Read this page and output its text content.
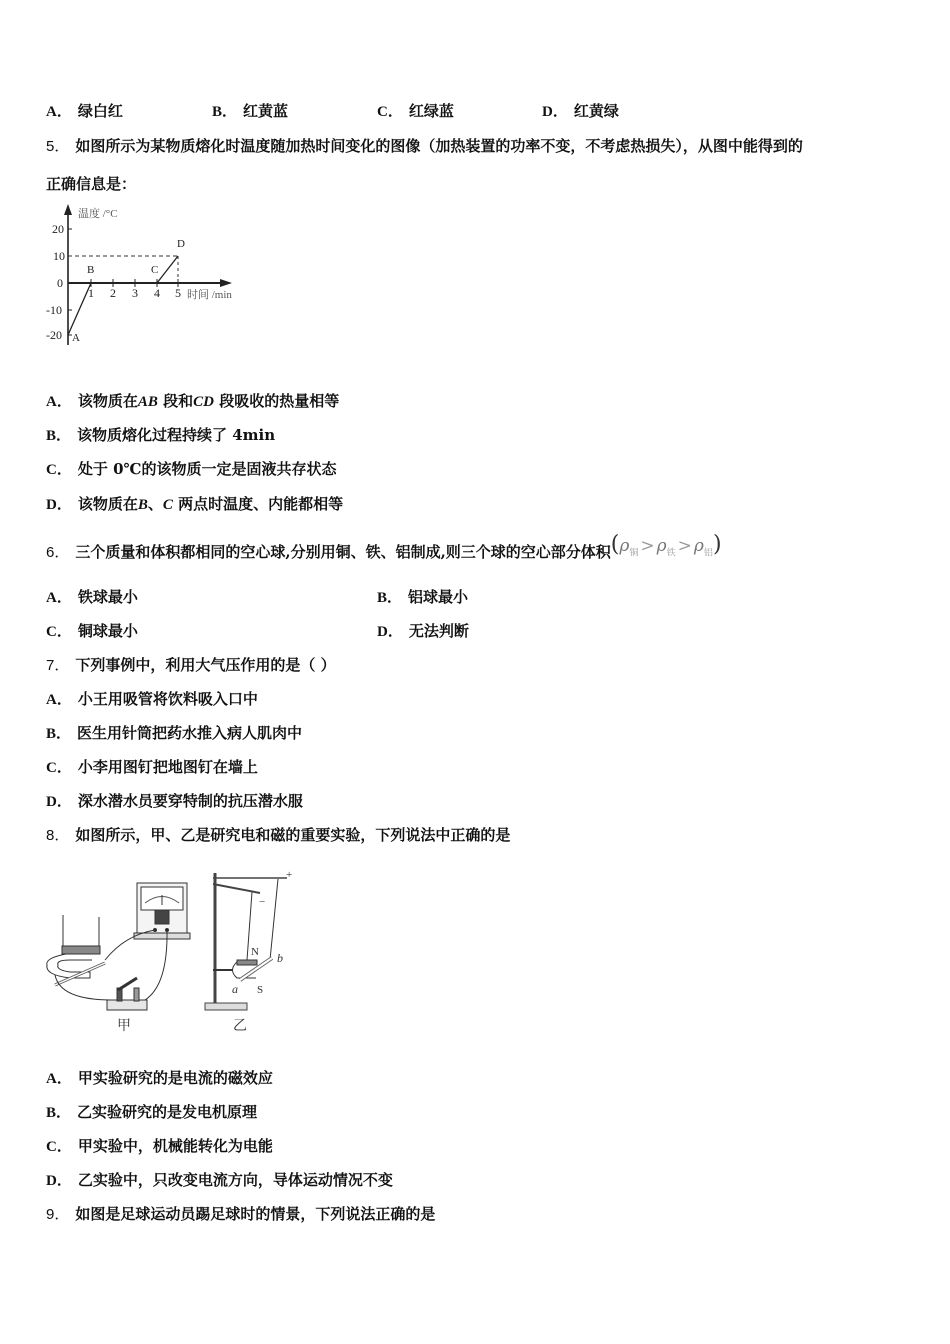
A． 绿白红	B． 红黄蓝	C． 红绿蓝	D． 红黄绿
5． 如图所示为某物质熔化时温度随加热时间变化的图像（加热装置的功率不变，不考虑热损失），从图中能得到的
正确信息是：
20
10
0
-10
-20
1 2 3 4 5
温度 /°C
时间 /min
A
B	C
D
A． 该物质在AB 段和CD 段吸收的热量相等
B． 该物质熔化过程持续了 4min
C． 处于 0℃的该物质一定是固液共存状态
D． 该物质在B、C 两点时温度、内能都相等
6． 三个质量和体积都相同的空心球,分别用铜、铁、铝制成,则三个球的空心部分体积$(\rho_铜 > \rho_铁 > \rho_铝)$
A． 铁球最小	B． 铝球最小
C． 铜球最小	D． 无法判断
7． 下列事例中，利用大气压作用的是（ ）
A． 小王用吸管将饮料吸入口中
B． 医生用针筒把药水推入病人肌肉中
C． 小李用图钉把地图钉在墙上
D． 深水潜水员要穿特制的抗压潜水服
8． 如图所示，甲、乙是研究电和磁的重要实验，下列说法中正确的是
甲
+
−
N
S
a
b
乙
A． 甲实验研究的是电流的磁效应
B． 乙实验研究的是发电机原理
C． 甲实验中，机械能转化为电能
D． 乙实验中，只改变电流方向，导体运动情况不变
9． 如图是足球运动员踢足球时的情景，下列说法正确的是
